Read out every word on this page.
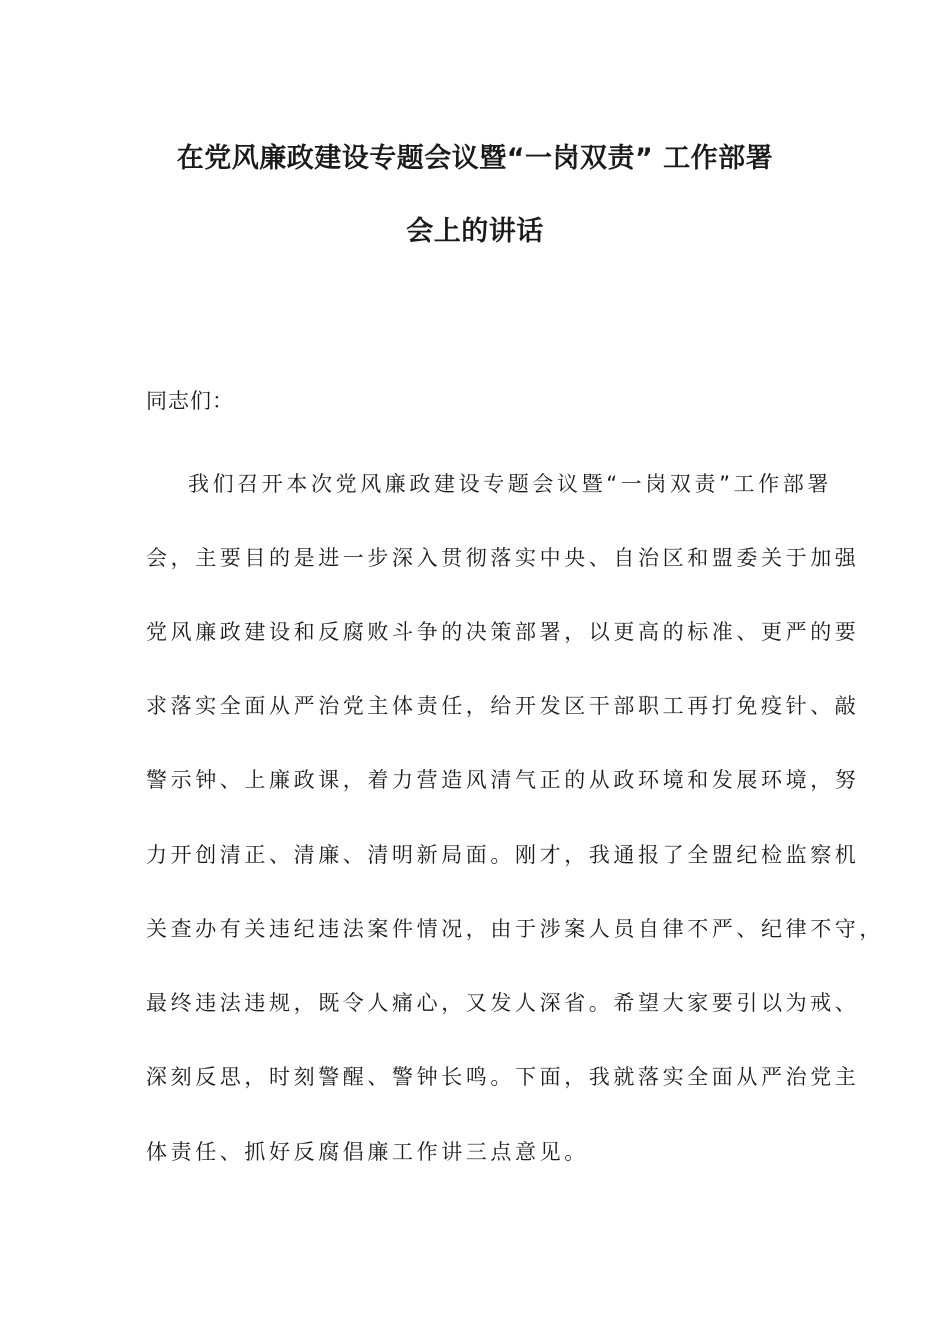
在党风廉政建设专题会议暨“一岗双责” 工作部署
会上的讲话
同志们：
我们召开本次党风廉政建设专题会议暨“一岗双责”工作部署
会，主要目的是进一步深入贯彻落实中央、自治区和盟委关于加强
党风廉政建设和反腐败斗争的决策部署，以更高的标准、更严的要
求落实全面从严治党主体责任，给开发区干部职工再打免疫针、敲
警示钟、上廉政课，着力营造风清气正的从政环境和发展环境，努
力开创清正、清廉、清明新局面。刚才，我通报了全盟纪检监察机
关查办有关违纪违法案件情况，由于涉案人员自律不严、纪律不守，
最终违法违规，既令人痛心，又发人深省。希望大家要引以为戒、
深刻反思，时刻警醒、警钟长鸣。下面，我就落实全面从严治党主
体责任、抓好反腐倡廉工作讲三点意见。
